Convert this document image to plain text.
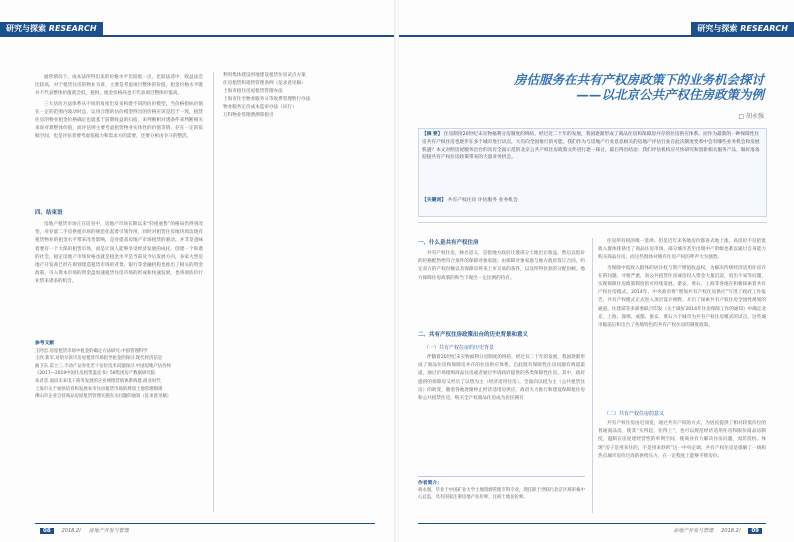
研究与探索 RESEARCH

通常情况下，成本法所得出来的价格水平比较低一点，比较法适中，收益法会比较高，对于租赁住房的物业为讲，主要是考虑项目整体的价值，租金价格水平既并不代表整体价值就会低，租拆，租金价格高也不代表项目整体价值高。

三大估价方法体系从不同的角度出发来构建不同的估价模型，当价格指标价值在一定的范围内波动时总，运用合理的估价模型得出的价格应该是趋于一致，租赁住房的物业租金价格确定也就基于前期收益的归宿，来判断相对透条件来判断相关来说对算整体价值，而评估则主要考虑租赁物业实体性的价值等情，存在一定的依据空间，也是评估者要考虑依据力和需求方的需要，还要分析由争斗的整活。

四、结束语

房地产租赁市场正在培育中，房地产市场长期以来“轻租重售”的格局仍得到改变，对存量二手房供租市场的规范化起着引领作用，同时对租赁住房地块周边现有租赁物业的租金水平带来改善影响，是对提高房地产市场租赁的驱动。并非是意味着要有一个大保的租赁市场，而是让国人能够享受经济发展的成托，创建一个和谐的社会，稳定房地产市场价格也就是租金水平是当前及今后发展方向，多家大型房地产开发商已经在规划建造租赁市场的背景，银行等金融机构也推出了相关的资金政策，引入资本市场的资金盘加速租赁住房市场的形成和快速发展，也将项估价行业带来诸多的机会。

参考文献
王阿忠.房屋租赁市场中租金的确定方法研究.中国管理科学
王欣.新军.对哈尔滨市房屋租赁市场指导租金的探讨.现代经济信息
曲卫东.雷立三.不动产证券化若干估价技术问题探讨.中国房地产估价师
《2017—2019中国住房租赁蓝皮书》58集团房产数据研究院
朱君容.面向未来电子商务发展的企业网络营销体系构建.商业时代
上海市关于加快培育和发展本市住房租赁市场的规划土地管理细则
佛山市企业自持商品房屋租赁管理实施有关问题的通知（征求意见稿）
利用集体建设用地建设租赁住房试点方案
住房租赁和销售管理条例（征求意见稿）
上海市租住房屋租赁管理办法
上海市住宅物业服务分等收费管理暂行办法
物业服务定价成本监审办法（试行）
万科物业管理费测算指引
08 2018.2/ 房地产开发与管理
研究与探索 RESEARCH
房估服务在共有产权房政策下的业务机会探讨
——以北京公共产权住房政策为例
□ 胡永强
【摘 要】 住房制度20世纪末实物福利分房制度的终结，经过近二十年的发展，我国逐渐形成了商品住房和保障房并存的住房供应体系。而作为最新的一种保障性住房共有产权住房也逐步在多个城市进行试点，大有向全国推行的可能。我们作为与房地产行业息息相关的房地产评估行业在此次制度变革中会有哪些业务机会和发展机遇？本文对照房屋服务出台的具有全面示范的北京公共产权住房政策文件进行逐一探讨，最后得出结论：我们评估机构应尽快研究和创新相关服务产品，做好准备迎接共有产权住房政策带来的大量业务机会。
【关键词】 共有产权住房 评估服务 业务机会
一、什么是共有产权住房

共有产权住房，顾名思义，是指地方政府让渡部分土地出让收益，然后以低价的价格配售给符合条件的保障对象家庭；由保障对象家庭与地方政府签订合同，约定双方的产权份额以及保障房将来上市交易的条件，以及所得价款的分配份额。地方保障住房政策的和当下现出一定比例的持有。

二、共有产权住房政策出台的历史背景和意义
（一）共有产权住房的历史背景

伴随着20世纪末实物福利分房制度的终结，经过仅二十年的发展，我国逐渐形成了商品住房和保障房并存的住房供应体系，自此既有保障性住房问题有两道渠道，通过市场租购商品住房或者通过申请政府提供的各类保障性住房。其中，政府提供的保障房又经历了以售为主（经济适用住房），全面向以租为主（公共租赁住房）的转变，随着各地逐渐停止经济适用房供应，政府大力推行和建设保障租住房和公共租赁住房，购买全产权商品住房成为居民拥有

作者简介：
胡永强，毕业于中国矿业大学土地资源管理专科专业，现任职于世联行北京区域审核中心总监，具有国家注册房地产估价师、注册土地估价师。

住房所有权的唯一选择。但是近年来各地房价都喜式地上涨，高房价不仅把低收入群体排挤出了商品住房市场，部分城市甚至出现中产阶级也难以通过自身能力购买商品住房，而这些群体对拥有住房产权的呼声大为强烈。

为保障中低收入群体的居住权与资产增值收益权，为解决传统经济适用住房存在的问题，寻租严重，而公共租赁住房或房投入资金大量沉淀，退出不易等问题，实现保障住房政策制度的可持续发展。湛安、黄石、上海等各地在积极探索着共有产权住房模式。2014年，中央政府将“增加共有产权住房供应”写进了政府工作报告，共有产权模式正式进入顶层设计视野。开启了探索共有产权住房全国性规划的通道。住建部等多部委联合印发《关于做好2014年住房保障工作的通知》中确定北京、上海、深圳、成都、淮安、黄石六个城市为共有产权住房模式的试点。这些城市据前后积出台了各地特色的共有产权住房的制度政策。

（二）共有产权住房的意义

共有产权住房由近而宽，通过共有产权的方式，为居民提供了相对较低价位的普通商品房，使其“买得起、住得上”，也可以规范经济适用住房和限价商品房制度，遏制在房屋建经营性的牟利空间，使商业有力解决住房问题，而非投机。体现“房子是用来住的，不是用来炒的”这一中央定调。共有产权住房是缓解了一线和热点城市房价过高的供给压力，在一定程度上能够平抑房价。

房地产开发与管理 2018.2/ 09
